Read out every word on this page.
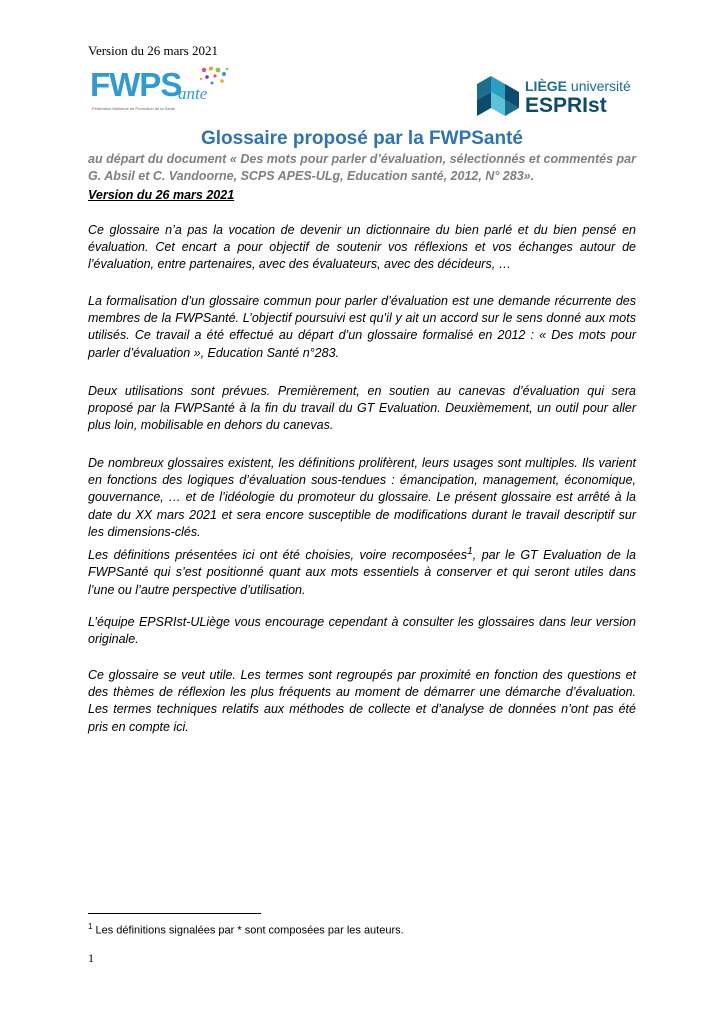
Version du 26 mars 2021
FWPS
ante
Fédération Wallonne de Promotion de la Santé
LIÈGE université
ESPRIst
Glossaire proposé par la FWPSanté
au départ du document « Des mots pour parler d’évaluation, sélectionnés et commentés par G. Absil et C. Vandoorne, SCPS APES-ULg, Education santé, 2012, N° 283».
Version du 26 mars 2021

Ce glossaire n’a pas la vocation de devenir un dictionnaire du bien parlé et du bien pensé en évaluation. Cet encart a pour objectif de soutenir vos réflexions et vos échanges autour de l’évaluation, entre partenaires, avec des évaluateurs, avec des décideurs, …

La formalisation d’un glossaire commun pour parler d’évaluation est une demande récurrente des membres de la FWPSanté. L’objectif poursuivi est qu’il y ait un accord sur le sens donné aux mots utilisés. Ce travail a été effectué au départ d’un glossaire formalisé en 2012 : « Des mots pour parler d’évaluation », Education Santé n°283.

Deux utilisations sont prévues. Premièrement, en soutien au canevas d’évaluation qui sera proposé par la FWPSanté à la fin du travail du GT Evaluation. Deuxièmement, un outil pour aller plus loin, mobilisable en dehors du canevas.

De nombreux glossaires existent, les définitions prolifèrent, leurs usages sont multiples. Ils varient en fonctions des logiques d’évaluation sous-tendues : émancipation, management, économique, gouvernance, … et de l’idéologie du promoteur du glossaire. Le présent glossaire est arrêté à la date du XX mars 2021 et sera encore susceptible de modifications durant le travail descriptif sur les dimensions-clés.

Les définitions présentées ici ont été choisies, voire recomposées$^1$, par le GT Evaluation de la FWPSanté qui s’est positionné quant aux mots essentiels à conserver et qui seront utiles dans l’une ou l’autre perspective d’utilisation.

L’équipe EPSRIst-ULiège vous encourage cependant à consulter les glossaires dans leur version originale.

Ce glossaire se veut utile. Les termes sont regroupés par proximité en fonction des questions et des thèmes de réflexion les plus fréquents au moment de démarrer une démarche d’évaluation. Les termes techniques relatifs aux méthodes de collecte et d’analyse de données n’ont pas été pris en compte ici.

$^1$ Les définitions signalées par * sont composées par les auteurs.
1
